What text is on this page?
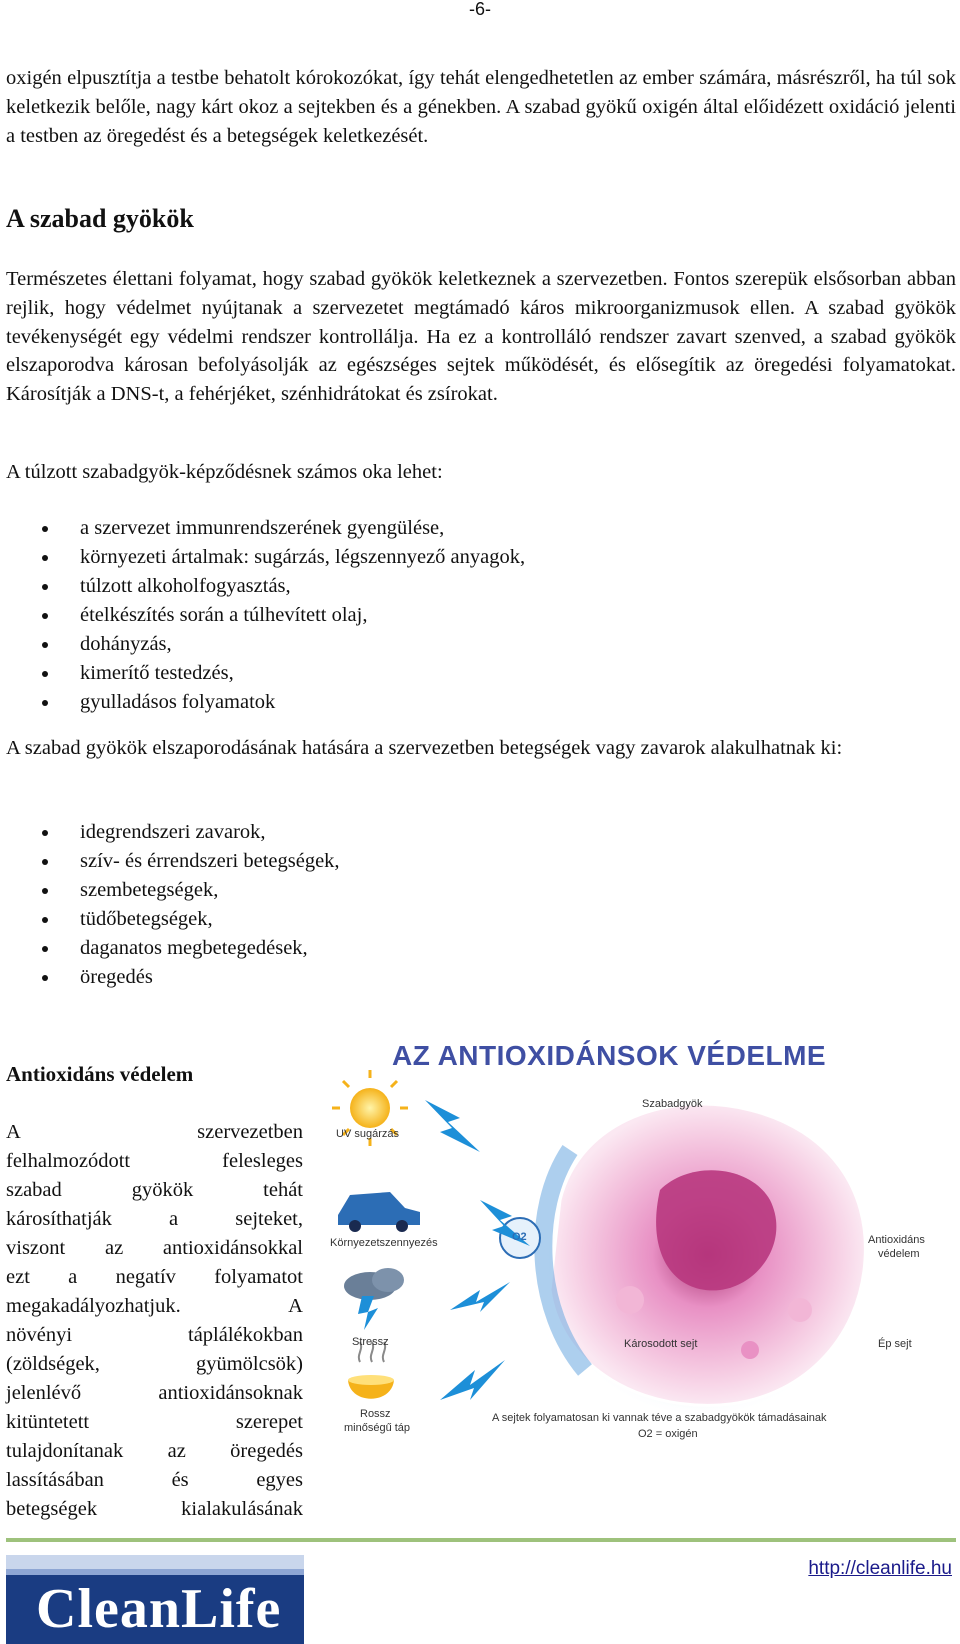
-6-

oxigén elpusztítja a testbe behatolt kórokozókat, így tehát elengedhetetlen az ember számára, másrészről, ha túl sok keletkezik belőle, nagy kárt okoz a sejtekben és a génekben. A szabad gyökű oxigén által előidézett oxidáció jelenti a testben az öregedést és a betegségek keletkezését.

A szabad gyökök

Természetes élettani folyamat, hogy szabad gyökök keletkeznek a szervezetben. Fontos szerepük elsősorban abban rejlik, hogy védelmet nyújtanak a szervezetet megtámadó káros mikroorganizmusok ellen. A szabad gyökök tevékenységét egy védelmi rendszer kontrollálja. Ha ez a kontrolláló rendszer zavart szenved, a szabad gyökök elszaporodva károsan befolyásolják az egészséges sejtek működését, és elősegítik az öregedési folyamatokat. Károsítják a DNS-t, a fehérjéket, szénhidrátokat és zsírokat.

A túlzott szabadgyök-képződésnek számos oka lehet:

a szervezet immunrendszerének gyengülése,
környezeti ártalmak: sugárzás, légszennyező anyagok,
túlzott alkoholfogyasztás,
ételkészítés során a túlhevített olaj,
dohányzás,
kimerítő testedzés,
gyulladásos folyamatok

A szabad gyökök elszaporodásának hatására a szervezetben betegségek vagy zavarok alakulhatnak ki:

idegrendszeri zavarok,
szív- és érrendszeri betegségek,
szembetegségek,
tüdőbetegségek,
daganatos megbetegedések,
öregedés
Antioxidáns védelem
A szervezetben
felhalmozódott felesleges
szabad gyökök tehát
károsíthatják a sejteket,
viszont az antioxidánsokkal
ezt a negatív folyamatot
megakadályozhatjuk. A
növényi táplálékokban
(zöldségek, gyümölcsök)
jelenlévő antioxidánsoknak
kitüntetett szerepet
tulajdonítanak az öregedés
lassításában és egyes
betegségek kialakulásának
AZ ANTIOXIDÁNSOK VÉDELME
UV sugárzás
Környezetszennyezés
Stressz
Rossz
minőségű táp
Szabadgyök
O2	Antioxidáns
védelem
Károsodott sejt	Ép sejt
A sejtek folyamatosan ki vannak téve a szabadgyökök támadásainak
O2 = oxigén
CleanLife
http://cleanlife.hu
